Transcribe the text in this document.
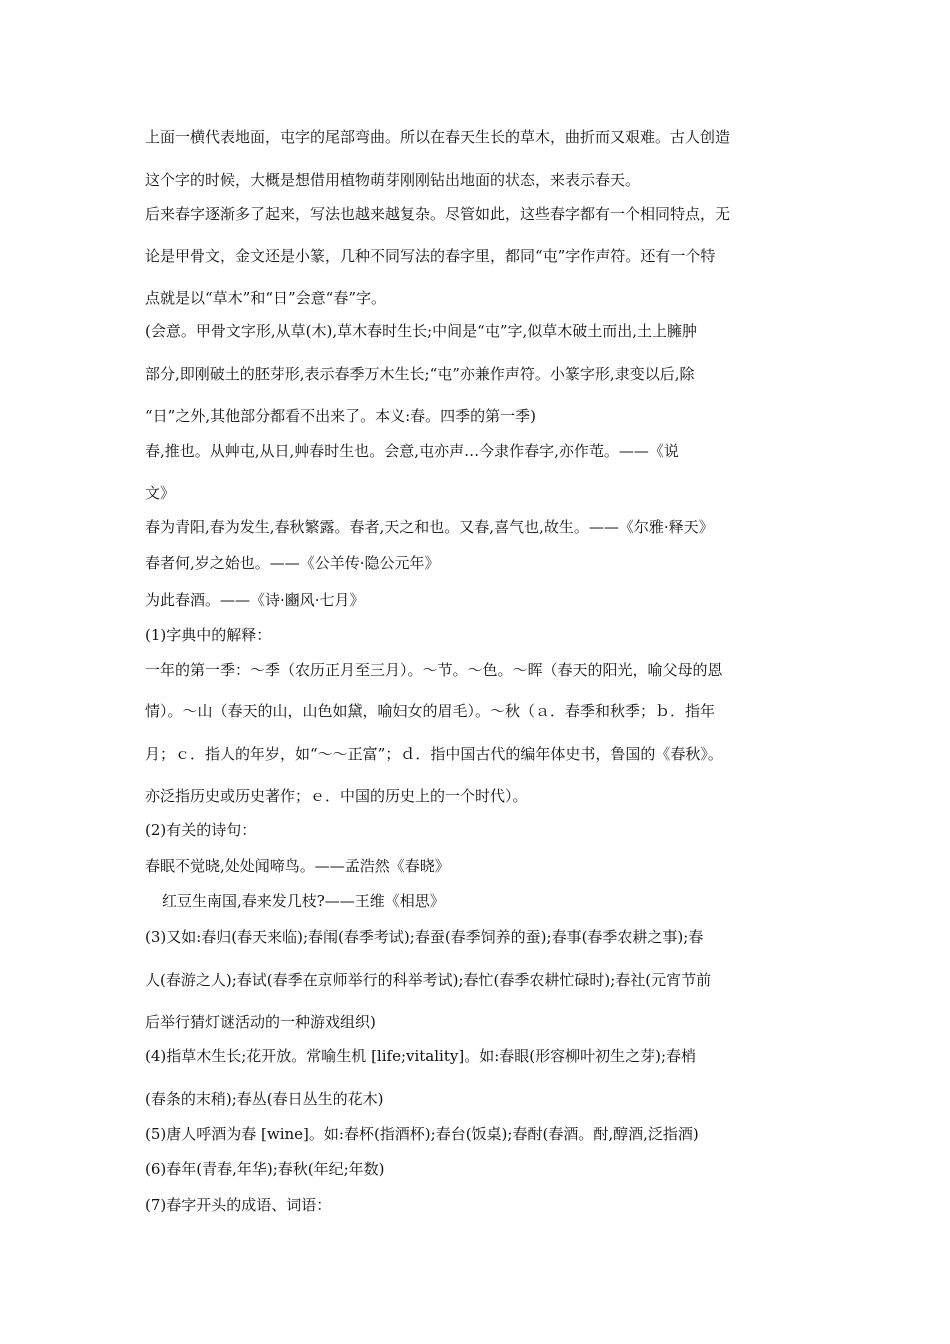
上面一横代表地面，屯字的尾部弯曲。所以在春天生长的草木，曲折而又艰难。古人创造
这个字的时候，大概是想借用植物萌芽刚刚钻出地面的状态，来表示春天。
后来春字逐渐多了起来，写法也越来越复杂。尽管如此，这些春字都有一个相同特点，无
论是甲骨文，金文还是小篆，几种不同写法的春字里，都同“屯”字作声符。还有一个特
点就是以“草木”和“日”会意“春”字。
(会意。甲骨文字形,从草(木),草木春时生长;中间是“屯”字,似草木破土而出,土上臃肿
部分,即刚破土的胚芽形,表示春季万木生长;“屯”亦兼作声符。小篆字形,隶变以后,除
“日”之外,其他部分都看不出来了。本义:春。四季的第一季)
春,推也。从艸屯,从日,艸春时生也。会意,屯亦声…今隶作春字,亦作芚。——《说
文》
春为青阳,春为发生,春秋繁露。春者,天之和也。又春,喜气也,故生。——《尔雅·释天》
春者何,岁之始也。——《公羊传·隐公元年》
为此春酒。——《诗·豳风·七月》
(1)字典中的解释：
一年的第一季：～季（农历正月至三月）。～节。～色。～晖（春天的阳光，喻父母的恩
情）。～山（春天的山，山色如黛，喻妇女的眉毛）。～秋（ａ．春季和秋季；ｂ．指年
月；ｃ．指人的年岁，如“～～正富”；ｄ．指中国古代的编年体史书，鲁国的《春秋》。
亦泛指历史或历史著作；ｅ．中国的历史上的一个时代）。
(2)有关的诗句：
春眠不觉晓,处处闻啼鸟。——孟浩然《春晓》
红豆生南国,春来发几枝?——王维《相思》
(3)又如:春归(春天来临);春闱(春季考试);春蚕(春季饲养的蚕);春事(春季农耕之事);春
人(春游之人);春试(春季在京师举行的科举考试);春忙(春季农耕忙碌时);春社(元宵节前
后举行猜灯谜活动的一种游戏组织)
(4)指草木生长;花开放。常喻生机 [life;vitality]。如:春眼(形容柳叶初生之芽);春梢
(春条的末稍);春丛(春日丛生的花木)
(5)唐人呼酒为春 [wine]。如:春杯(指酒杯);春台(饭桌);春酎(春酒。酎,醇酒,泛指酒)
(6)春年(青春,年华);春秋(年纪;年数)
(7)春字开头的成语、词语：
